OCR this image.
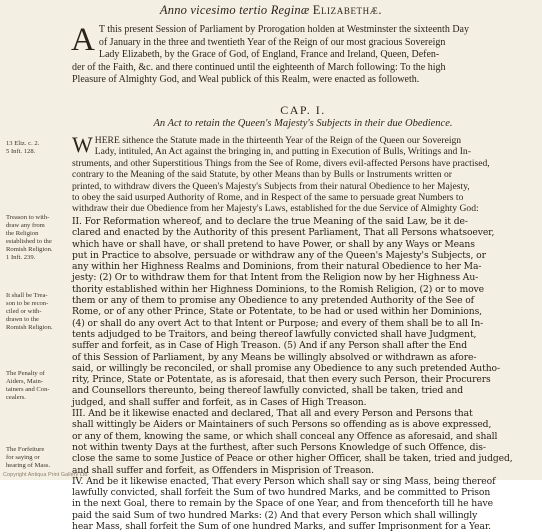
Anno vicesimo tertio Reginæ Elizabethæ.
A T this present Session of Parliament by Prorogation holden at Westminster the sixteenth Day
of January in the three and twentieth Year of the Reign of our most gracious Sovereign
Lady Elizabeth, by the Grace of God, of England, France and Ireland, Queen, Defen-
der of the Faith, &c. and there continued until the eighteenth of March following: To the high
Pleasure of Almighty God, and Weal publick of this Realm, were enacted as followeth.
CAP. I.
An Act to retain the Queen's Majesty's Subjects in their due Obedience.
13 Eliz. c. 2.
5 Inft. 128.
Treason to with-
draw any from
the Religion
established to the
Romish Religion.
1 Inft. 239.
It shall be Trea-
son to be recon-
ciled or with-
drawn to the
Romish Religion.
The Penalty of
Aiders, Main-
tainers and Con-
cealers.
The Forfeiture
for saying or
hearing of Mass.
W HERE sithence the Statute made in the thirteenth Year of the Reign of the Queen our Sovereign
Lady, intituled, An Act against the bringing in, and putting in Execution of Bulls, Writings and In-
struments, and other Superstitious Things from the See of Rome, divers evil-affected Persons have practised,
contrary to the Meaning of the said Statute, by other Means than by Bulls or Instruments written or
printed, to withdraw divers the Queen's Majesty's Subjects from their natural Obedience to her Majesty,
to obey the said usurped Authority of Rome, and in Respect of the same to persuade great Numbers to
withdraw their due Obedience from her Majesty's Laws, established for the due Service of Almighty God:
II. For Reformation whereof, and to declare the true Meaning of the said Law, be it de-
clared and enacted by the Authority of this present Parliament, That all Persons whatsoever,
which have or shall have, or shall pretend to have Power, or shall by any Ways or Means
put in Practice to absolve, persuade or withdraw any of the Queen's Majesty's Subjects, or
any within her Highness Realms and Dominions, from their natural Obedience to her Ma-
jesty: (2) Or to withdraw them for that Intent from the Religion now by her Highness Au-
thority established within her Highness Dominions, to the Romish Religion, (2) or to move
them or any of them to promise any Obedience to any pretended Authority of the See of
Rome, or of any other Prince, State or Potentate, to be had or used within her Dominions,
(4) or shall do any overt Act to that Intent or Purpose; and every of them shall be to all In-
tents adjudged to be Traitors, and being thereof lawfully convicted shall have Judgment,
suffer and forfeit, as in Case of High Treason. (5) And if any Person shall after the End
of this Session of Parliament, by any Means be willingly absolved or withdrawn as afore-
said, or willingly be reconciled, or shall promise any Obedience to any such pretended Autho-
rity, Prince, State or Potentate, as is aforesaid, that then every such Person, their Procurers
and Counsellors thereunto, being thereof lawfully convicted, shall be taken, tried and
judged, and shall suffer and forfeit, as in Cases of High Treason.
III. And be it likewise enacted and declared, That all and every Person and Persons that
shall wittingly be Aiders or Maintainers of such Persons so offending as is above expressed,
or any of them, knowing the same, or which shall conceal any Offence as aforesaid, and shall
not within twenty Days at the furthest, after such Persons Knowledge of such Offence, dis-
close the same to some Justice of Peace or other higher Officer, shall be taken, tried and judged,
and shall suffer and forfeit, as Offenders in Misprision of Treason.
IV. And be it likewise enacted, That every Person which shall say or sing Mass, being thereof
lawfully convicted, shall forfeit the Sum of two hundred Marks, and be committed to Prison
in the next Goal, there to remain by the Space of one Year, and from thenceforth till he have
paid the said Sum of two hundred Marks: (2) And that every Person which shall willingly
hear Mass, shall forfeit the Sum of one hundred Marks, and suffer Imprisonment for a Year.
Copyright Antiqua Print Gallery Ltd
